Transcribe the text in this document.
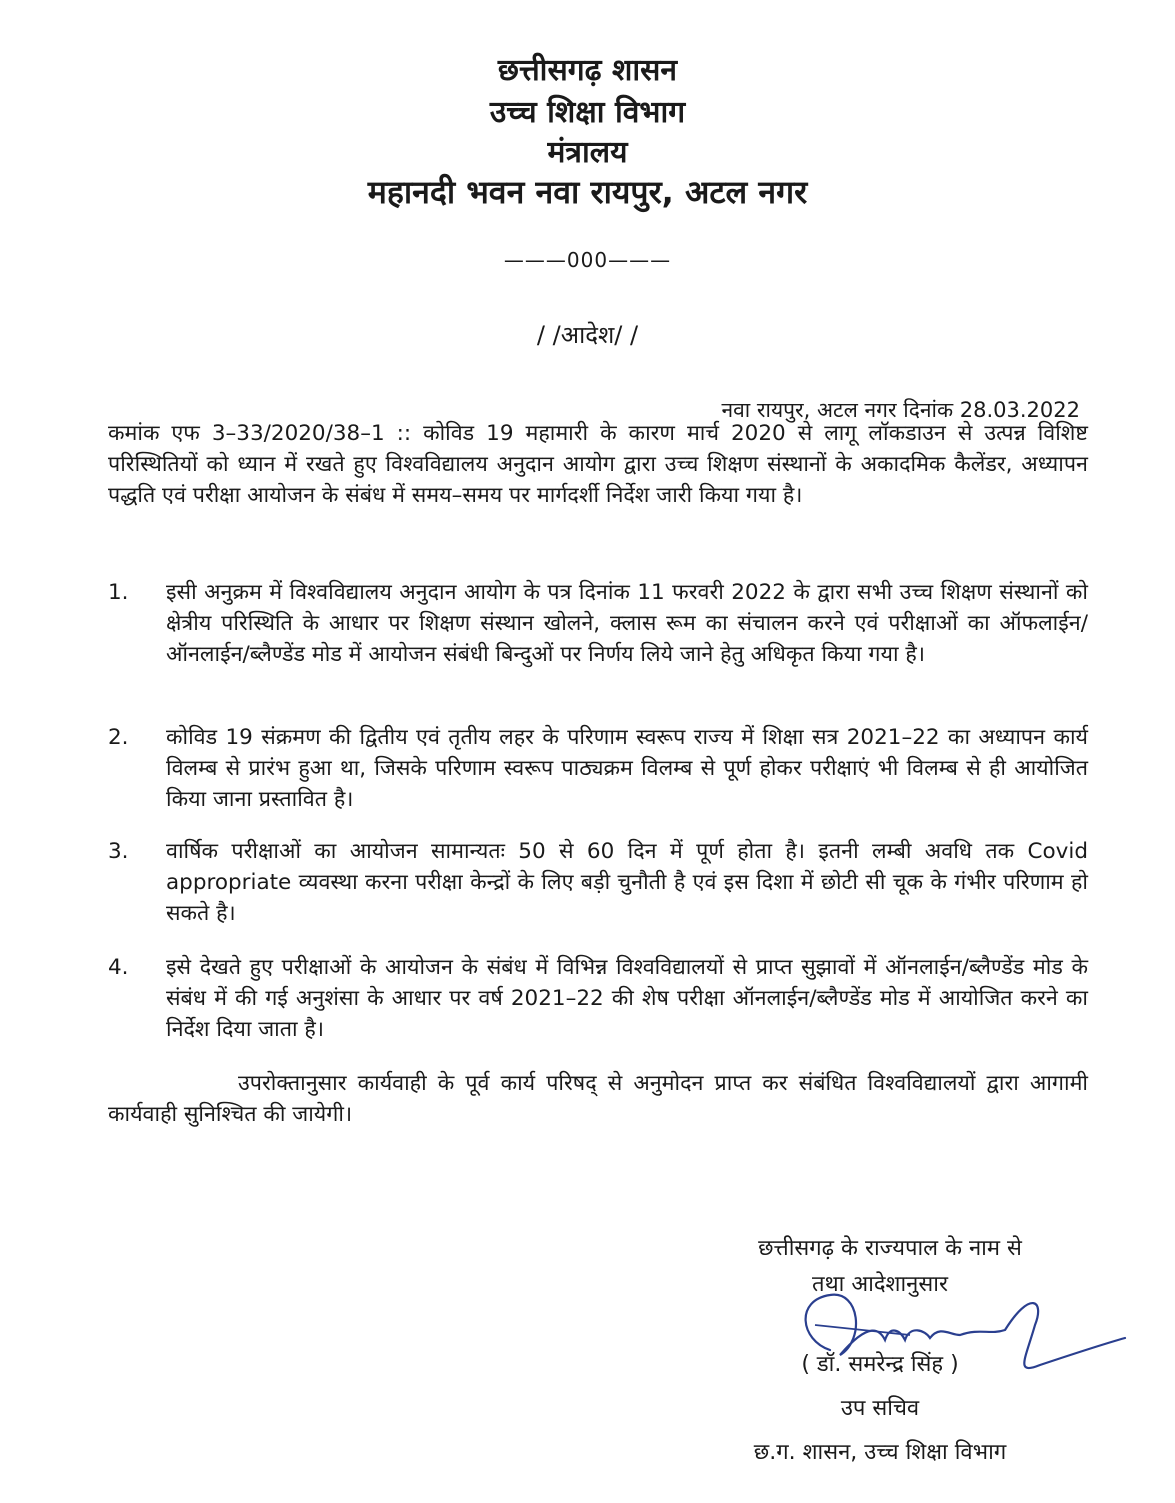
छत्तीसगढ़ शासन
उच्च शिक्षा विभाग
मंत्रालय
महानदी भवन नवा रायपुर, अटल नगर
———000———
/ /आदेश/ /
नवा रायपुर, अटल नगर दिनांक 28.03.2022
कमांक एफ 3–33/2020/38–1 :: कोविड 19 महामारी के कारण मार्च 2020 से लागू लॉकडाउन से उत्पन्न विशिष्ट परिस्थितियों को ध्यान में रखते हुए विश्वविद्यालय अनुदान आयोग द्वारा उच्च शिक्षण संस्थानों के अकादमिक कैलेंडर, अध्यापन पद्धति एवं परीक्षा आयोजन के संबंध में समय–समय पर मार्गदर्शी निर्देश जारी किया गया है।
1.	इसी अनुक्रम में विश्वविद्यालय अनुदान आयोग के पत्र दिनांक 11 फरवरी 2022 के द्वारा सभी उच्च शिक्षण संस्थानों को क्षेत्रीय परिस्थिति के आधार पर शिक्षण संस्थान खोलने, क्लास रूम का संचालन करने एवं परीक्षाओं का ऑफलाईन/ऑनलाईन/ब्लैण्डेंड मोड में आयोजन संबंधी बिन्दुओं पर निर्णय लिये जाने हेतु अधिकृत किया गया है।
2.	कोविड 19 संक्रमण की द्वितीय एवं तृतीय लहर के परिणाम स्वरूप राज्य में शिक्षा सत्र 2021–22 का अध्यापन कार्य विलम्ब से प्रारंभ हुआ था, जिसके परिणाम स्वरूप पाठ्यक्रम विलम्ब से पूर्ण होकर परीक्षाएं भी विलम्ब से ही आयोजित किया जाना प्रस्तावित है।
3.	वार्षिक परीक्षाओं का आयोजन सामान्यतः 50 से 60 दिन में पूर्ण होता है। इतनी लम्बी अवधि तक Covid appropriate व्यवस्था करना परीक्षा केन्द्रों के लिए बड़ी चुनौती है एवं इस दिशा में छोटी सी चूक के गंभीर परिणाम हो सकते है।
4.	इसे देखते हुए परीक्षाओं के आयोजन के संबंध में विभिन्न विश्वविद्यालयों से प्राप्त सुझावों में ऑनलाईन/ब्लैण्डेंड मोड के संबंध में की गई अनुशंसा के आधार पर वर्ष 2021–22 की शेष परीक्षा ऑनलाईन/ब्लैण्डेंड मोड में आयोजित करने का निर्देश दिया जाता है।
उपरोक्तानुसार कार्यवाही के पूर्व कार्य परिषद् से अनुमोदन प्राप्त कर संबंधित विश्वविद्यालयों द्वारा आगामी कार्यवाही सुनिश्चित की जायेगी।
छत्तीसगढ़ के राज्यपाल के नाम से
तथा आदेशानुसार
( डॉ. समरेन्द्र सिंह )
उप सचिव
छ.ग. शासन, उच्च शिक्षा विभाग
